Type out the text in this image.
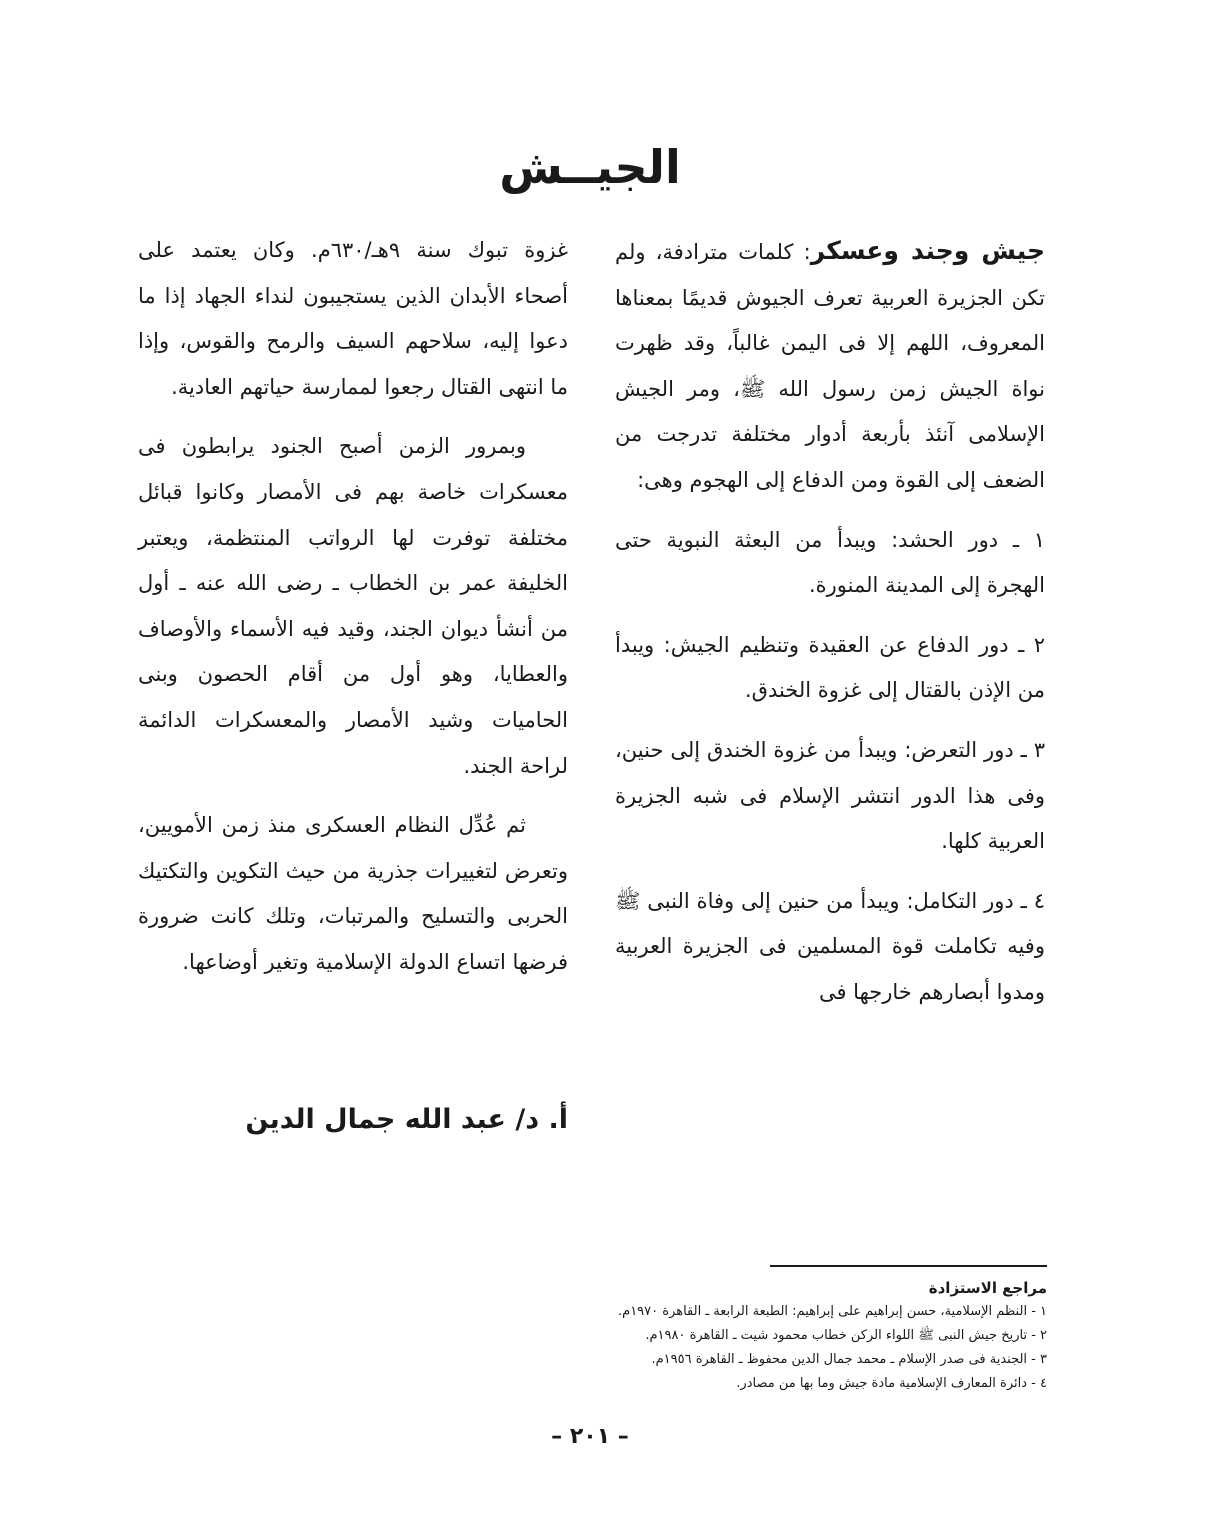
الجيــش

جيش وجند وعسكر: كلمات مترادفة، ولم تكن الجزيرة العربية تعرف الجيوش قديمًا بمعناها المعروف، اللهم إلا فى اليمن غالباً، وقد ظهرت نواة الجيش زمن رسول الله ﷺ، ومر الجيش الإسلامى آنئذ بأربعة أدوار مختلفة تدرجت من الضعف إلى القوة ومن الدفاع إلى الهجوم وهى:

١ ـ دور الحشد: ويبدأ من البعثة النبوية حتى الهجرة إلى المدينة المنورة.

٢ ـ دور الدفاع عن العقيدة وتنظيم الجيش: ويبدأ من الإذن بالقتال إلى غزوة الخندق.

٣ ـ دور التعرض: ويبدأ من غزوة الخندق إلى حنين، وفى هذا الدور انتشر الإسلام فى شبه الجزيرة العربية كلها.

٤ ـ دور التكامل: ويبدأ من حنين إلى وفاة النبى ﷺ وفيه تكاملت قوة المسلمين فى الجزيرة العربية ومدوا أبصارهم خارجها فى

غزوة تبوك سنة ٩هـ/٦٣٠م. وكان يعتمد على أصحاء الأبدان الذين يستجيبون لنداء الجهاد إذا ما دعوا إليه، سلاحهم السيف والرمح والقوس، وإذا ما انتهى القتال رجعوا لممارسة حياتهم العادية.

وبمرور الزمن أصبح الجنود يرابطون فى معسكرات خاصة بهم فى الأمصار وكانوا قبائل مختلفة توفرت لها الرواتب المنتظمة، ويعتبر الخليفة عمر بن الخطاب ـ رضى الله عنه ـ أول من أنشأ ديوان الجند، وقيد فيه الأسماء والأوصاف والعطايا، وهو أول من أقام الحصون وبنى الحاميات وشيد الأمصار والمعسكرات الدائمة لراحة الجند.

ثم عُدِّل النظام العسكرى منذ زمن الأمويين، وتعرض لتغييرات جذرية من حيث التكوين والتكتيك الحربى والتسليح والمرتبات، وتلك كانت ضرورة فرضها اتساع الدولة الإسلامية وتغير أوضاعها.

أ. د/ عبد الله جمال الدين
مراجع الاستزادة
١ - النظم الإسلامية، حسن إبراهيم على إبراهيم: الطبعة الرابعة ـ القاهرة ١٩٧٠م.
٢ - تاريخ جيش النبى ﷺ اللواء الركن خطاب محمود شيت ـ القاهرة ١٩٨٠م.
٣ - الجندية فى صدر الإسلام ـ محمد جمال الدين محفوظ ـ القاهرة ١٩٥٦م.
٤ - دائرة المعارف الإسلامية مادة جيش وما بها من مصادر.
– ٢٠١ –
